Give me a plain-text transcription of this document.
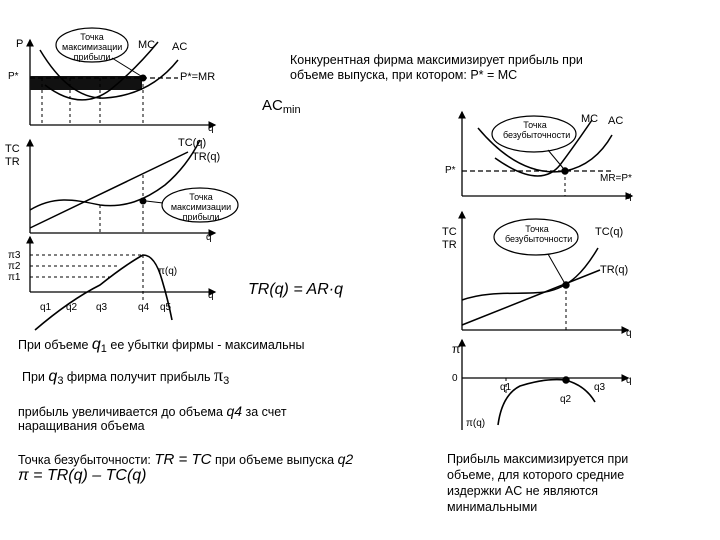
P
P*
MC AC
P*=MR
q
Точка максимизации прибыли
TC
TR
TC(q)
TR(q)
q
Точка максимизации прибыли
π3
π2
π1
π(q)
q
q1 q2 q3	q4 q5
MC AC
P*
MR=P*
q
Точка безубыточности
TC
TR
TC(q)
TR(q)
q
Точка безубыточности
π
0
q1
q2
q3
q
π(q)
Конкурентная фирма максимизирует прибыль при
объеме выпуска, при котором: P* = MC
$AC_{min}$
TR(q) = AR·q
При объеме q1 ее убытки фирмы - максимальны
При q3 фирма получит прибыль π3
прибыль увеличивается до объема q4 за счет
наращивания объема
Точка безубыточности: TR = TC при объеме выпуска q2
π = TR(q) – TC(q)
Прибыль максимизируется при
объеме, для которого средние
издержки AC не являются
минимальными
